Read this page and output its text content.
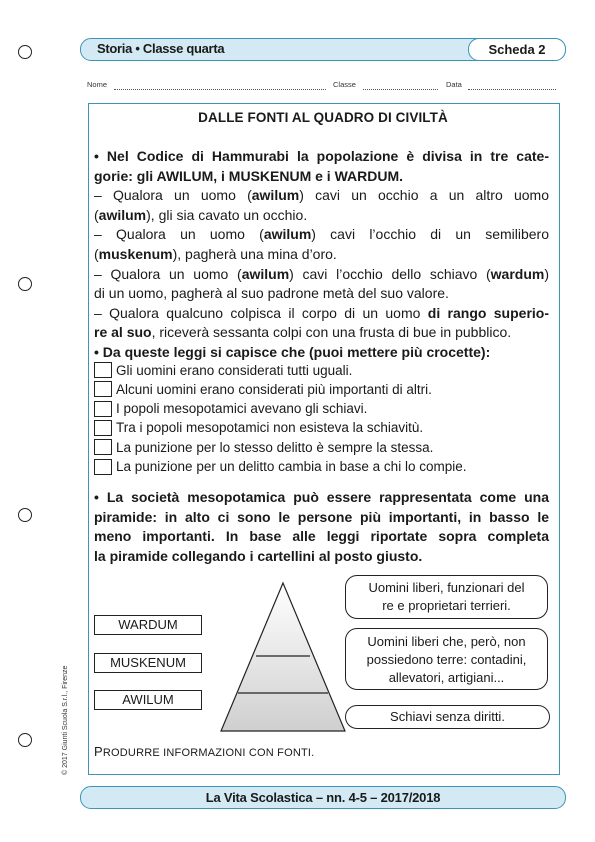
Storia • Classe quarta	Scheda 2
Nome	Classe	Data
DALLE FONTI AL QUADRO DI CIVILTÀ
• Nel Codice di Hammurabi la popolazione è divisa in tre cate-
gorie: gli AWILUM, i MUSKENUM e i WARDUM.
– Qualora un uomo (awilum) cavi un occhio a un altro uomo
(awilum), gli sia cavato un occhio.
– Qualora un uomo (awilum) cavi l’occhio di un semilibero
(muskenum), pagherà una mina d’oro.
– Qualora un uomo (awilum) cavi l’occhio dello schiavo (wardum)
di un uomo, pagherà al suo padrone metà del suo valore.
– Qualora qualcuno colpisca il corpo di un uomo di rango superio-
re al suo, riceverà sessanta colpi con una frusta di bue in pubblico.
• Da queste leggi si capisce che (puoi mettere più crocette):
Gli uomini erano considerati tutti uguali.
Alcuni uomini erano considerati più importanti di altri.
I popoli mesopotamici avevano gli schiavi.
Tra i popoli mesopotamici non esisteva la schiavitù.
La punizione per lo stesso delitto è sempre la stessa.
La punizione per un delitto cambia in base a chi lo compie.
• La società mesopotamica può essere rappresentata come una
piramide: in alto ci sono le persone più importanti, in basso le
meno importanti. In base alle leggi riportate sopra completa
la piramide collegando i cartellini al posto giusto.
WARDUM
MUSKENUM
AWILUM
Uomini liberi, funzionari del
re e proprietari terrieri.
Uomini liberi che, però, non
possiedono terre: contadini,
allevatori, artigiani...
Schiavi senza diritti.
PRODURRE INFORMAZIONI CON FONTI.
© 2017 Giunti Scuola S.r.l., Firenze
La Vita Scolastica – nn. 4-5 – 2017/2018
